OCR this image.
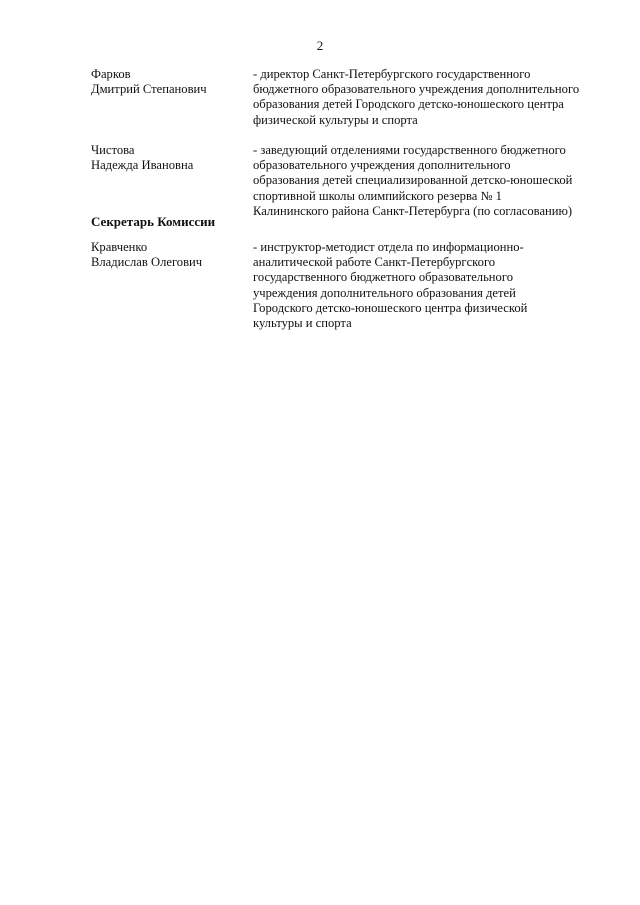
2
Фарков
Дмитрий Степанович
- директор Санкт-Петербургского государственного
бюджетного образовательного учреждения дополнительного
образования детей Городского детско-юношеского центра
физической культуры и спорта
Чистова
Надежда Ивановна
- заведующий отделениями государственного бюджетного
образовательного учреждения дополнительного
образования детей специализированной детско-юношеской
спортивной школы олимпийского резерва № 1
Калининского района Санкт-Петербурга (по согласованию)
Секретарь Комиссии
Кравченко
Владислав Олегович
- инструктор-методист отдела по информационно-
аналитической работе Санкт-Петербургского
государственного бюджетного образовательного
учреждения дополнительного образования детей
Городского детско-юношеского центра физической
культуры и спорта
